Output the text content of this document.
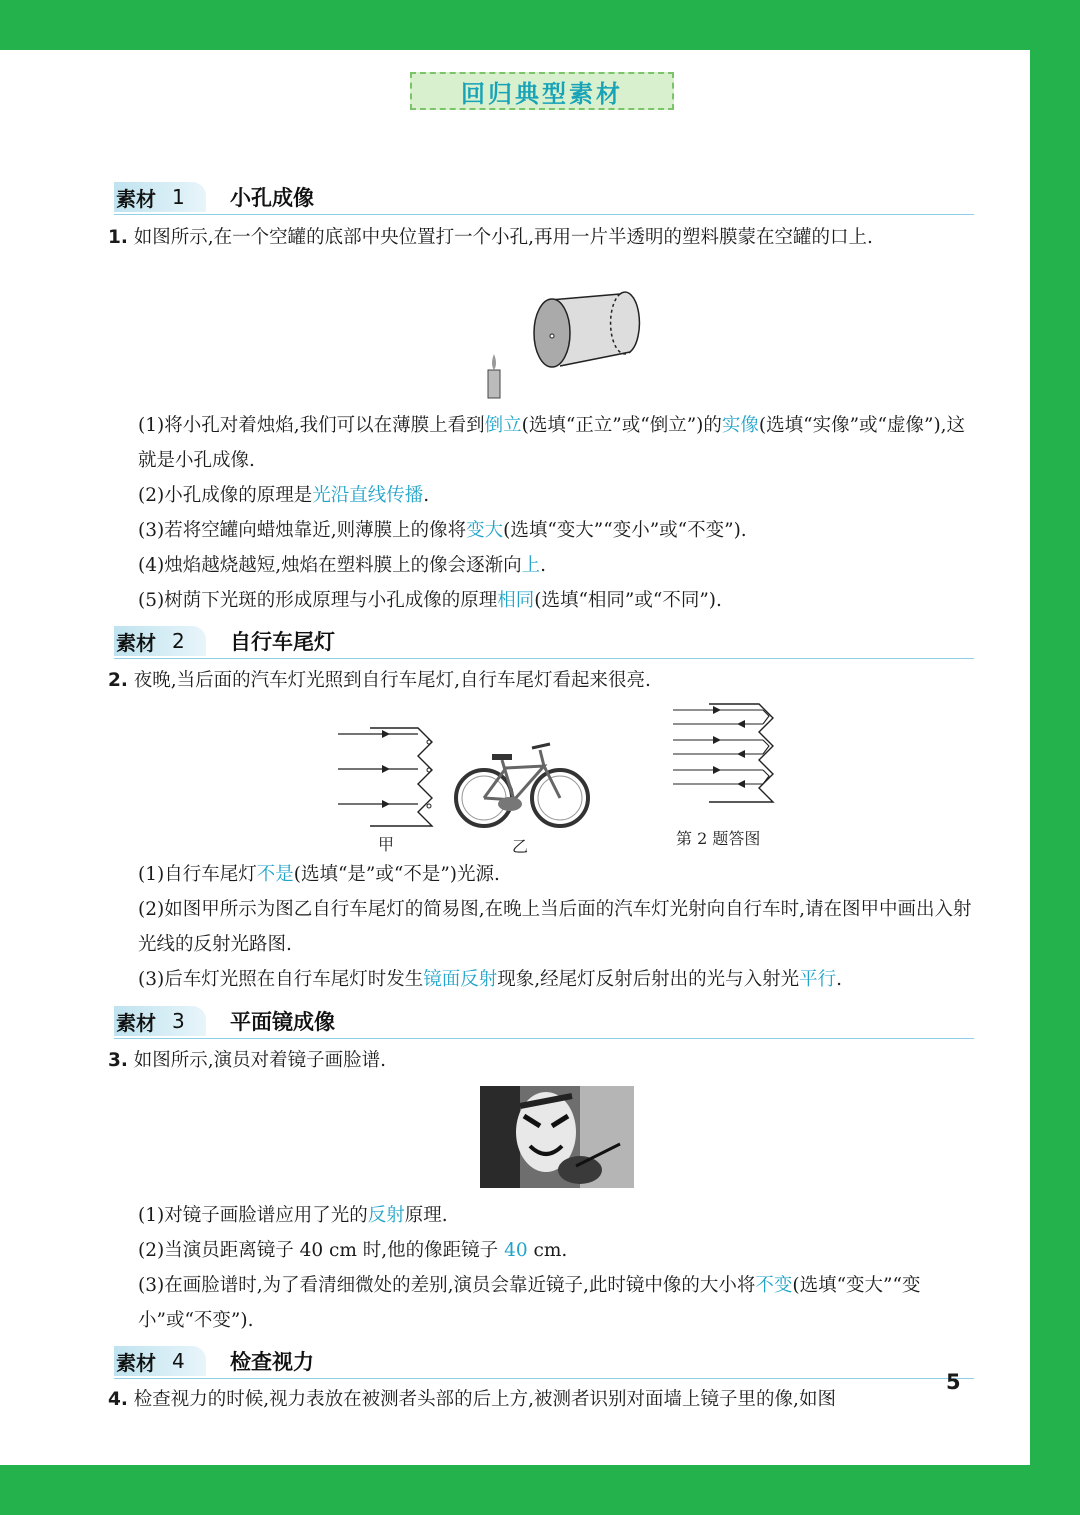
回归典型素材
素材 1 小孔成像
1. 如图所示,在一个空罐的底部中央位置打一个小孔,再用一片半透明的塑料膜蒙在空罐的口上.
(1)将小孔对着烛焰,我们可以在薄膜上看到倒立(选填“正立”或“倒立”)的实像(选填“实像”或“虚像”),这就是小孔成像.
(2)小孔成像的原理是光沿直线传播.
(3)若将空罐向蜡烛靠近,则薄膜上的像将变大(选填“变大”“变小”或“不变”).
(4)烛焰越烧越短,烛焰在塑料膜上的像会逐渐向上.
(5)树荫下光斑的形成原理与小孔成像的原理相同(选填“相同”或“不同”).
素材 2 自行车尾灯
2. 夜晚,当后面的汽车灯光照到自行车尾灯,自行车尾灯看起来很亮.
甲	乙	第 2 题答图
(1)自行车尾灯不是(选填“是”或“不是”)光源.
(2)如图甲所示为图乙自行车尾灯的简易图,在晚上当后面的汽车灯光射向自行车时,请在图甲中画出入射光线的反射光路图.
(3)后车灯光照在自行车尾灯时发生镜面反射现象,经尾灯反射后射出的光与入射光平行.
素材 3 平面镜成像
3. 如图所示,演员对着镜子画脸谱.
(1)对镜子画脸谱应用了光的反射原理.
(2)当演员距离镜子 40 cm 时,他的像距镜子 40 cm.
(3)在画脸谱时,为了看清细微处的差别,演员会靠近镜子,此时镜中像的大小将不变(选填“变大”“变小”或“不变”).
素材 4 检查视力
4. 检查视力的时候,视力表放在被测者头部的后上方,被测者识别对面墙上镜子里的像,如图
5
